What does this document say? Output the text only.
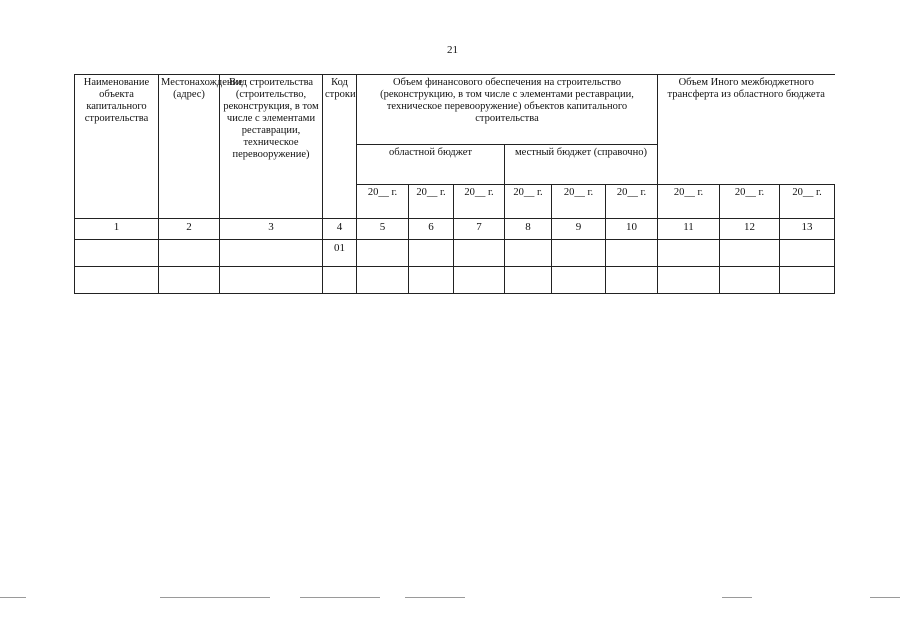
21
Наименование объекта капитального строительства	Местонахождение (адрес)	Вид строительства (строительство, реконструкция, в том числе с элементами реставрации, техническое перевооружение)	Код строки	Объем финансового обеспечения на строительство (реконструкцию, в том числе с элементами реставрации, техническое перевооружение) объектов капитального строительства						Объем Иного межбюджетного трансферта из областного бюджета		
				областной бюджет			местный бюджет (справочно)					
				20__ г.	20__ г.	20__ г.	20__ г.	20__ г.	20__ г.	20__ г.	20__ г.	20__ г.
1	2	3	4	5	6	7	8	9	10	11	12	13
			01									
